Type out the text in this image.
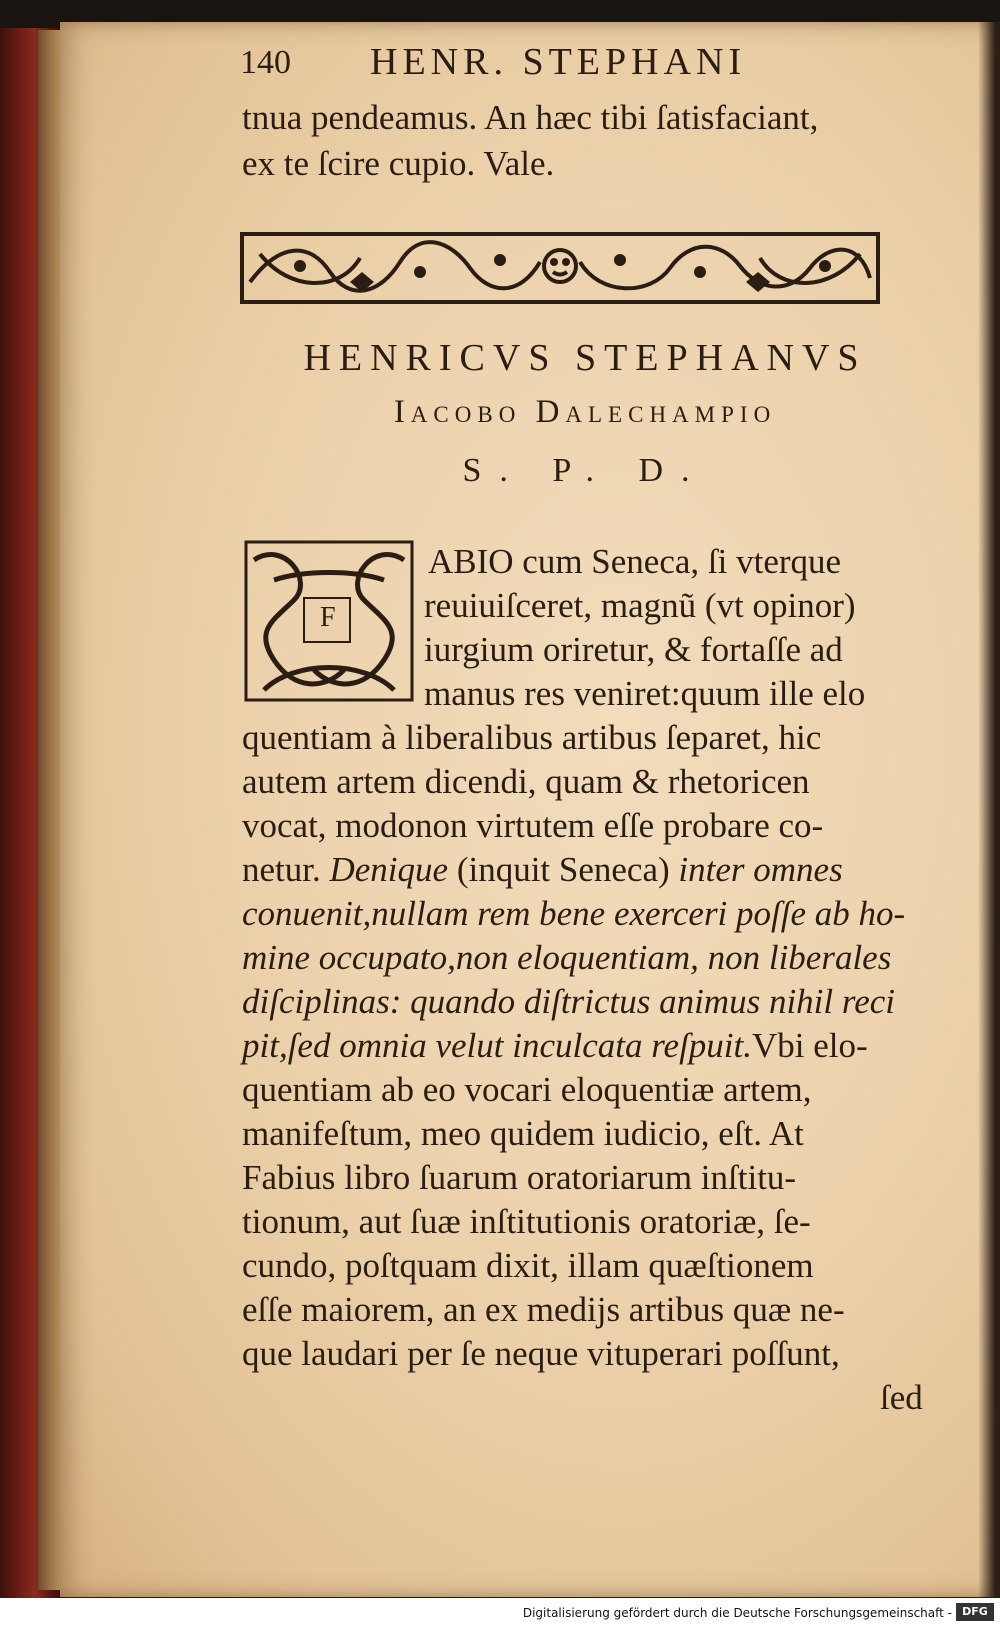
140 HENR. STEPHANI
tnua pendeamus. An hæc tibi ſatisfaciant,
ex te ſcire cupio. Vale.
HENRICVS STEPHANVS
Iacobo Dalechampio
S. P. D.
F
ABIO cum Seneca, ſi vterque
reuiuiſceret, magnũ (vt opinor)
iurgium oriretur, & fortaſſe ad
manus res veniret:quum ille elo
quentiam à liberalibus artibus ſeparet, hic
autem artem dicendi, quam & rhetoricen
vocat, modonon virtutem eſſe probare co-
netur. Denique (inquit Seneca) inter omnes
conuenit,nullam rem bene exerceri poſſe ab ho-
mine occupato,non eloquentiam, non liberales
diſciplinas: quando diſtrictus animus nihil reci
pit,ſed omnia velut inculcata reſpuit.Vbi elo-
quentiam ab eo vocari eloquentiæ artem,
manifeſtum, meo quidem iudicio, eſt. At
Fabius libro ſuarum oratoriarum inſtitu-
tionum, aut ſuæ inſtitutionis oratoriæ, ſe-
cundo, poſtquam dixit, illam quæſtionem
eſſe maiorem, an ex medijs artibus quæ ne-
que laudari per ſe neque vituperari poſſunt,
ſed
Digitalisierung gefördert durch die Deutsche Forschungsgemeinschaft - DFG
